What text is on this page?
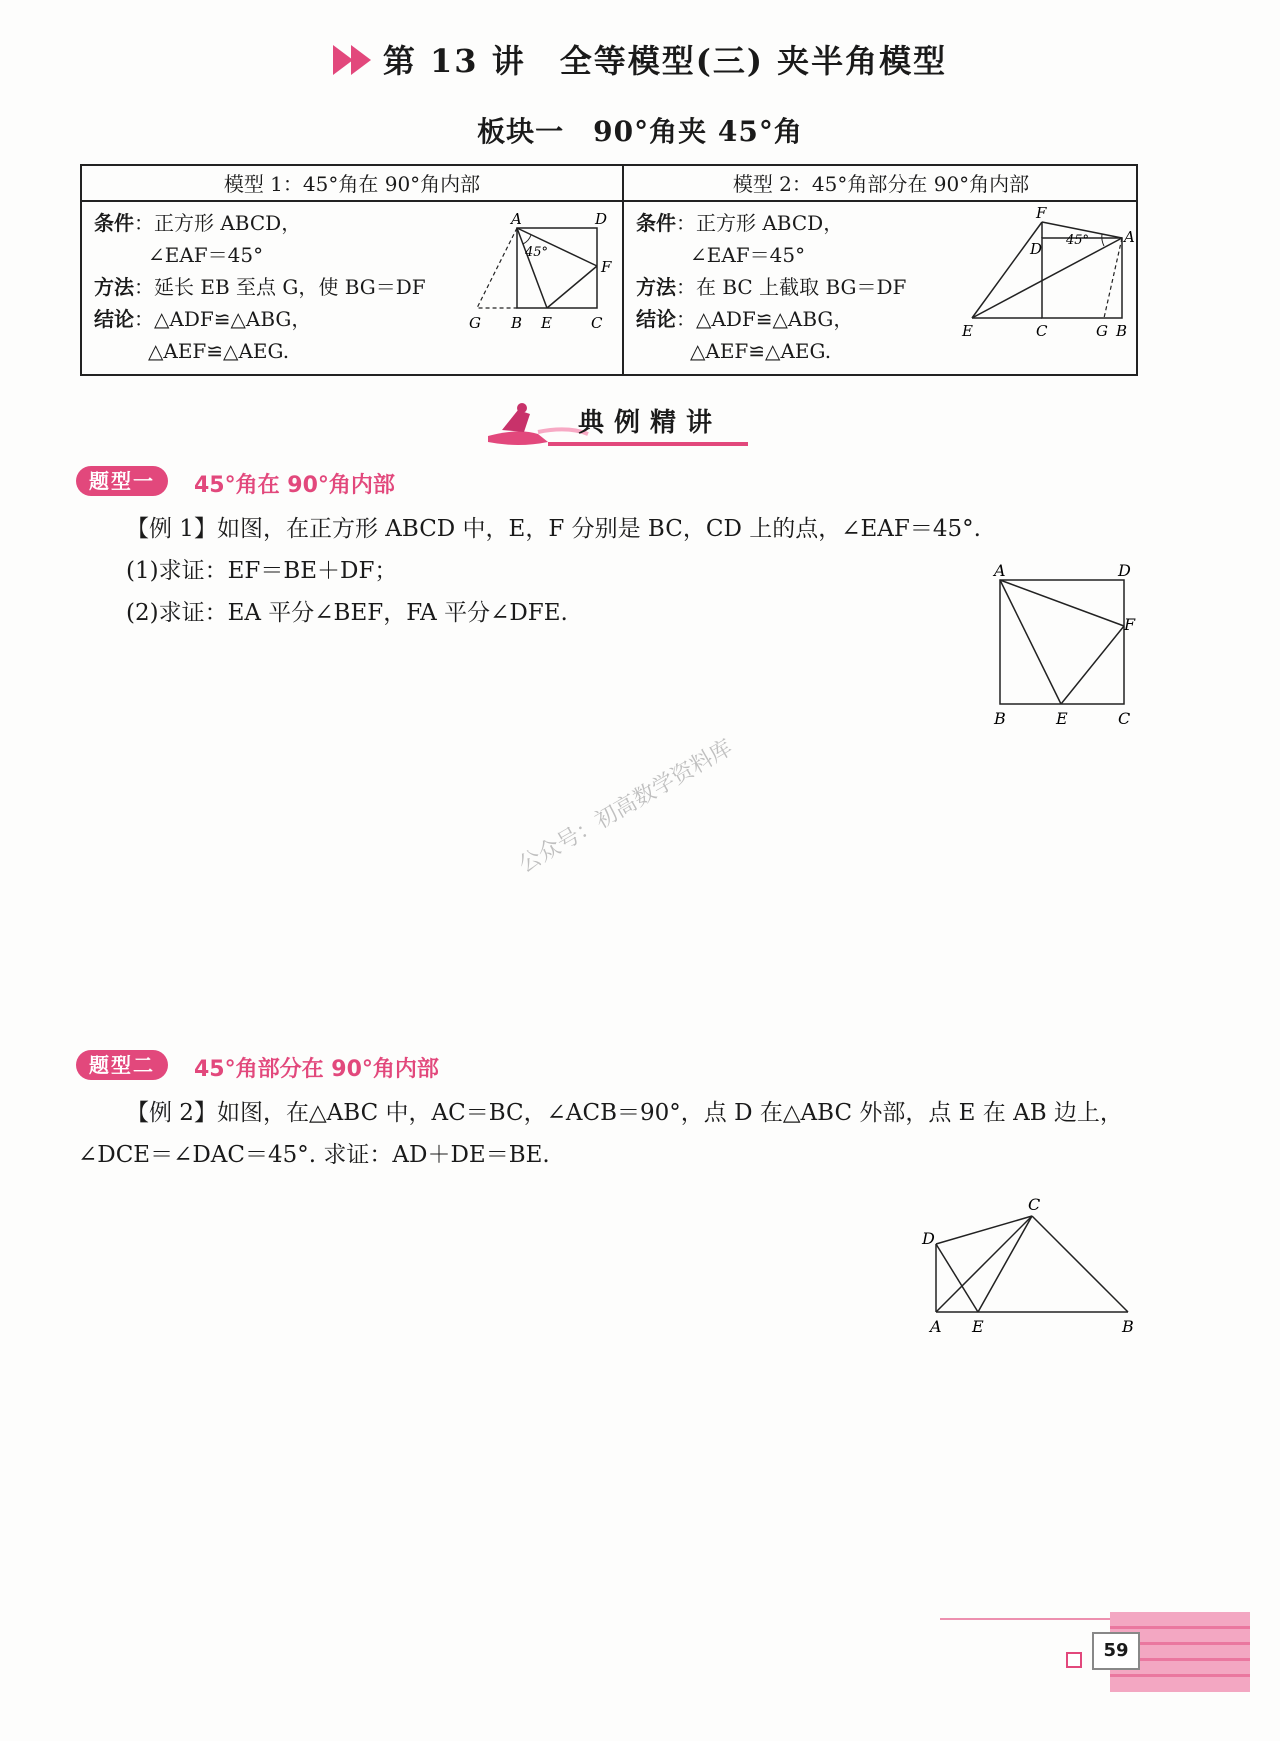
第 13 讲　全等模型(三) 夹半角模型
板块一　90°角夹 45°角
模型 1：45°角在 90°角内部	模型 2：45°角部分在 90°角内部
条件：正方形 ABCD，
∠EAF＝45°
方法：延长 EB 至点 G，使 BG＝DF
结论：△ADF≌△ABG，
△AEF≌△AEG.
45°
A	D
F
G B E	C
条件：正方形 ABCD，
∠EAF＝45°
方法：在 BC 上截取 BG＝DF
结论：△ADF≌△ABG，
△AEF≌△AEG.
45°
F
D
A
E	C	G B
典例精讲
题型一	45°角在 90°角内部
【例 1】如图，在正方形 ABCD 中，E，F 分别是 BC，CD 上的点，∠EAF＝45°.
(1)求证：EF＝BE＋DF；
(2)求证：EA 平分∠BEF，FA 平分∠DFE.
A	D
F
B	E	C
公众号：初高数学资料库
题型二	45°角部分在 90°角内部
【例 2】如图，在△ABC 中，AC＝BC，∠ACB＝90°，点 D 在△ABC 外部，点 E 在 AB 边上，
∠DCE＝∠DAC＝45°. 求证：AD＋DE＝BE.
C
D
A E	B
59
